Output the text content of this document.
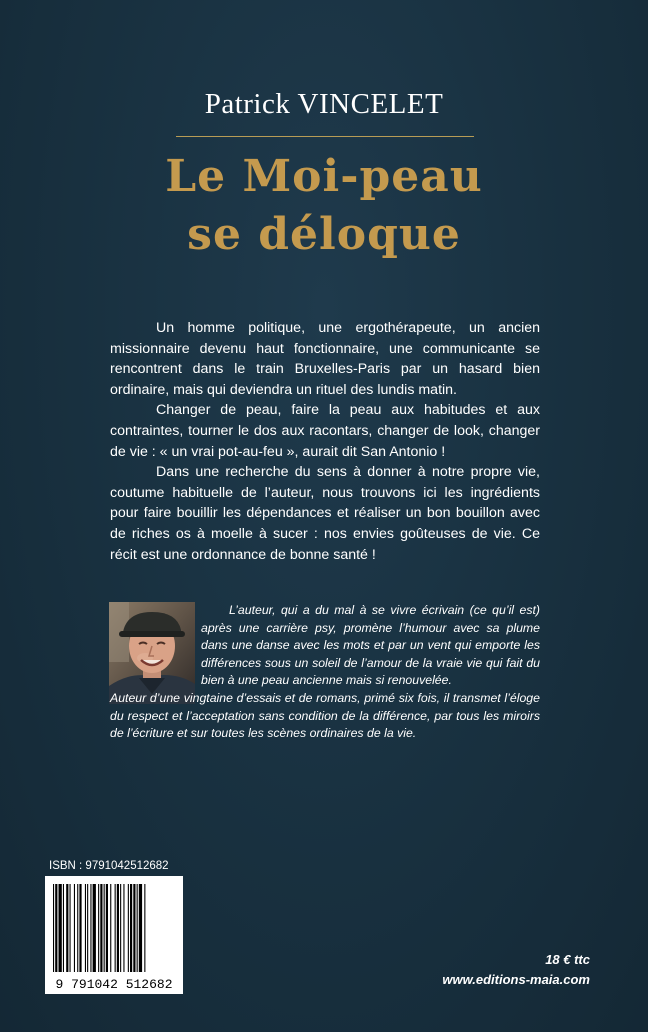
Patrick VINCELET
Le Moi-peau
se déloque

Un homme politique, une ergothérapeute, un ancien missionnaire devenu haut fonctionnaire, une communicante se rencontrent dans le train Bruxelles-Paris par un hasard bien ordinaire, mais qui deviendra un rituel des lundis matin.

Changer de peau, faire la peau aux habitudes et aux contraintes, tourner le dos aux racontars, changer de look, changer de vie : « un vrai pot-au-feu », aurait dit San Antonio !

Dans une recherche du sens à donner à notre propre vie, coutume habituelle de l’auteur, nous trouvons ici les ingrédients pour faire bouillir les dépendances et réaliser un bon bouillon avec de riches os à moelle à sucer : nos envies goûteuses de vie. Ce récit est une ordonnance de bonne santé !

L’auteur, qui a du mal à se vivre écrivain (ce qu’il est) après une carrière psy, promène l’humour avec sa plume dans une danse avec les mots et par un vent qui emporte les différences sous un soleil de l’amour de la vraie vie qui fait du bien à une peau ancienne mais si renouvelée.

Auteur d’une vingtaine d’essais et de romans, primé six fois, il transmet l’éloge du respect et l’acceptation sans condition de la différence, par tous les miroirs de l’écriture et sur toutes les scènes ordinaires de la vie.

ISBN : 9791042512682
9 791042 512682
18 € ttc
www.editions-maia.com
